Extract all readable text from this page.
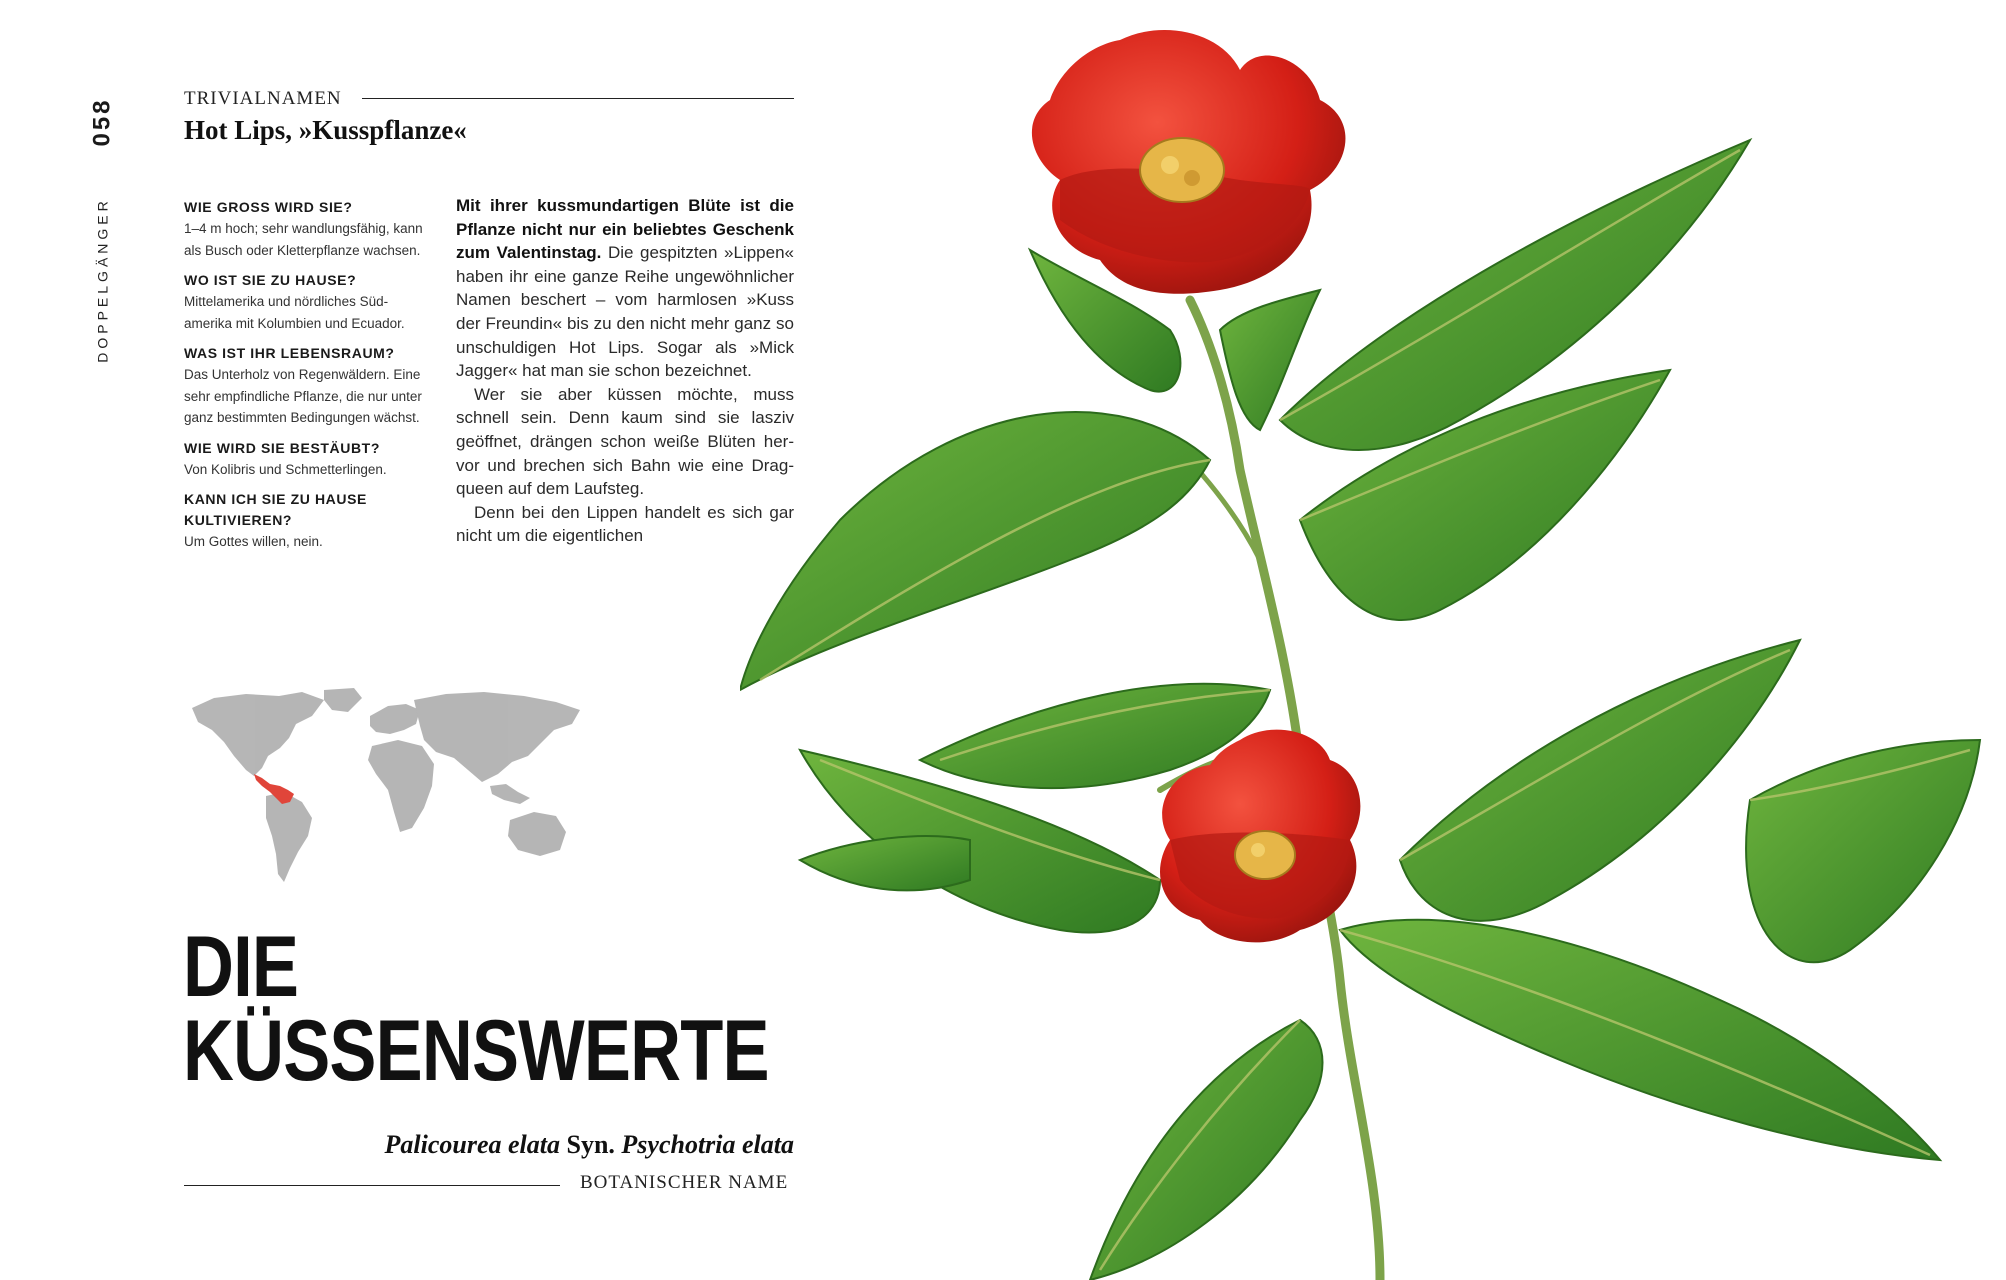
058
DOPPELGÄNGER
TRIVIALNAMEN
Hot Lips, »Kusspflanze«

WIE GROSS WIRD SIE?

1–4 m hoch; sehr wandlungsfähig, kann als Busch oder Kletterpflanze wachsen.

WO IST SIE ZU HAUSE?

Mittelamerika und nördliches Südamerika mit Kolumbien und Ecuador.

WAS IST IHR LEBENSRAUM?

Das Unterholz von Regenwäldern. Eine sehr empfindliche Pflanze, die nur unter ganz bestimmten Bedingungen wächst.

WIE WIRD SIE BESTÄUBT?

Von Kolibris und Schmetterlingen.

KANN ICH SIE ZU HAUSE KULTIVIEREN?

Um Gottes willen, nein.

Mit ihrer kussmundartigen Blüte ist die Pflanze nicht nur ein beliebtes Geschenk zum Valentinstag. Die gespitzten »Lippen« haben ihr eine ganze Reihe ungewöhnlicher Namen beschert – vom harmlosen »Kuss der Freundin« bis zu den nicht mehr ganz so unschuldigen Hot Lips. Sogar als »Mick Jagger« hat man sie schon bezeichnet.

Wer sie aber küssen möchte, muss schnell sein. Denn kaum sind sie lasziv geöffnet, drängen schon weiße Blüten hervor und brechen sich Bahn wie eine Dragqueen auf dem Laufsteg.

Denn bei den Lippen handelt es sich gar nicht um die eigentlichen

DIE
KÜSSENSWERTE
Palicourea elata Syn. Psychotria elata
BOTANISCHER NAME
